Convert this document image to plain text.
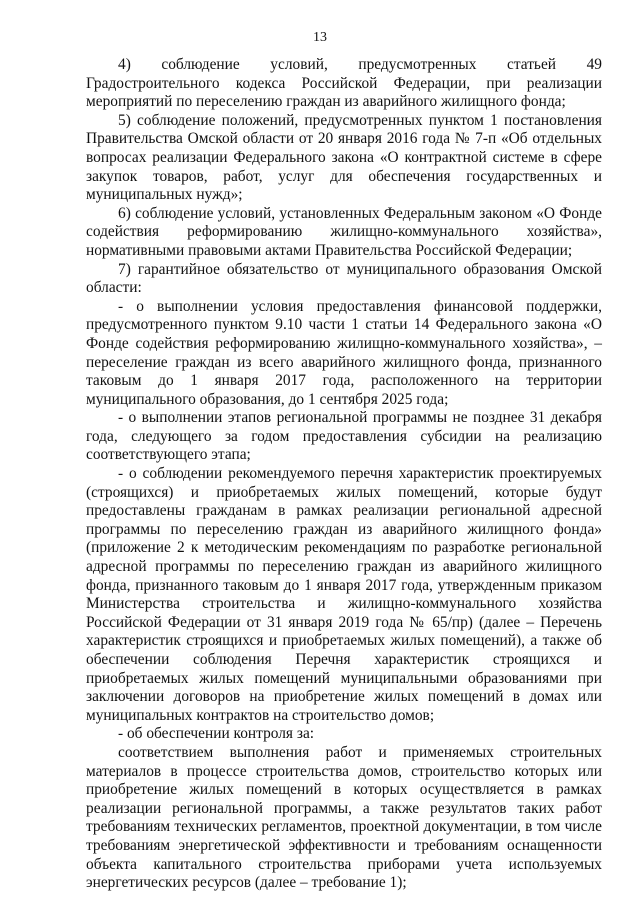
13

4) соблюдение условий, предусмотренных статьей 49 Градостроительного кодекса Российской Федерации, при реализации мероприятий по переселению граждан из аварийного жилищного фонда;

5) соблюдение положений, предусмотренных пунктом 1 постановления Правительства Омской области от 20 января 2016 года № 7-п «Об отдельных вопросах реализации Федерального закона «О контрактной системе в сфере закупок товаров, работ, услуг для обеспечения государственных и муниципальных нужд»;

6) соблюдение условий, установленных Федеральным законом «О Фонде содействия реформированию жилищно-коммунального хозяйства», нормативными правовыми актами Правительства Российской Федерации;

7) гарантийное обязательство от муниципального образования Омской области:

- о выполнении условия предоставления финансовой поддержки, предусмотренного пунктом 9.10 части 1 статьи 14 Федерального закона «О Фонде содействия реформированию жилищно-коммунального хозяйства», – переселение граждан из всего аварийного жилищного фонда, признанного таковым до 1 января 2017 года, расположенного на территории муниципального образования, до 1 сентября 2025 года;

- о выполнении этапов региональной программы не позднее 31 декабря года, следующего за годом предоставления субсидии на реализацию соответствующего этапа;

- о соблюдении рекомендуемого перечня характеристик проектируемых (строящихся) и приобретаемых жилых помещений, которые будут предоставлены гражданам в рамках реализации региональной адресной программы по переселению граждан из аварийного жилищного фонда» (приложение 2 к методическим рекомендациям по разработке региональной адресной программы по переселению граждан из аварийного жилищного фонда, признанного таковым до 1 января 2017 года, утвержденным приказом Министерства строительства и жилищно-коммунального хозяйства Российской Федерации от 31 января 2019 года № 65/пр) (далее – Перечень характеристик строящихся и приобретаемых жилых помещений), а также об обеспечении соблюдения Перечня характеристик строящихся и приобретаемых жилых помещений муниципальными образованиями при заключении договоров на приобретение жилых помещений в домах или муниципальных контрактов на строительство домов;

- об обеспечении контроля за:

соответствием выполнения работ и применяемых строительных материалов в процессе строительства домов, строительство которых или приобретение жилых помещений в которых осуществляется в рамках реализации региональной программы, а также результатов таких работ требованиям технических регламентов, проектной документации, в том числе требованиям энергетической эффективности и требованиям оснащенности объекта капитального строительства приборами учета используемых энергетических ресурсов (далее – требование 1);
